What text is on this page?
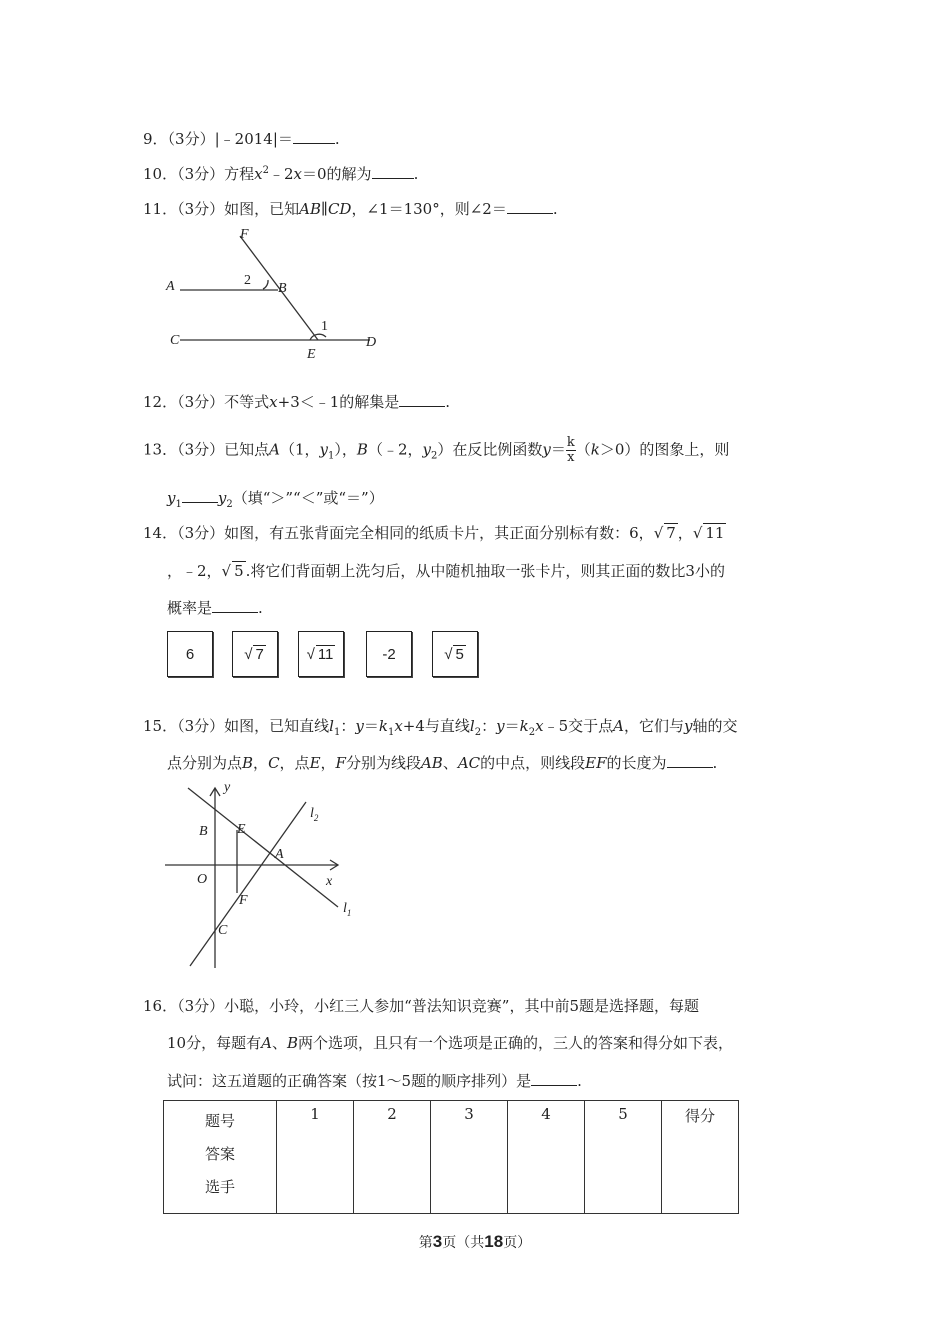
9．（3分）|﹣2014|＝	.
10．（3分）方程$x^2﹣2x=0$的解为	.
11．（3分）如图，已知AB∥CD，∠1＝130°，则∠2＝	.
F
A	2
B
1
C
E
D
12．（3分）不等式x+3＜﹣1的解集是	.
13．（3分）已知点A（1，$y_1$），B（﹣2，$y_2$）在反比例函数$y= \frac{k}{x} (k>0)$的图象上，则
$y_1$ $y_2$（填“＞”“＜”或“＝”）
14．（3分）如图，有五张背面完全相同的纸质卡片，其正面分别标有数：6，√ 7 ，√ 11
，﹣2，√ 5 .将它们背面朝上洗匀后，从中随机抽取一张卡片，则其正面的数比3小的
概率是	.
6	√ 7	√ 11	-2	√ 5
15．（3分）如图，已知直线$l_1$：$y=k_1x+4$与直线$l_2$：$y=k_2x﹣5$交于点A，它们与y轴的交
点分别为点B，C，点E，F分别为线段AB、AC的中点，则线段EF的长度为	.
y
B E
$l_2$
A
O	x
F
$l_1$
C
16．（3分）小聪，小玲，小红三人参加“普法知识竞赛”，其中前5题是选择题，每题
10分，每题有A、B两个选项，且只有一个选项是正确的，三人的答案和得分如下表，
试问：这五道题的正确答案（按1～5题的顺序排列）是	.
题号
答案
选手
	1	2	3	4	5	得分
第3页（共18页）
